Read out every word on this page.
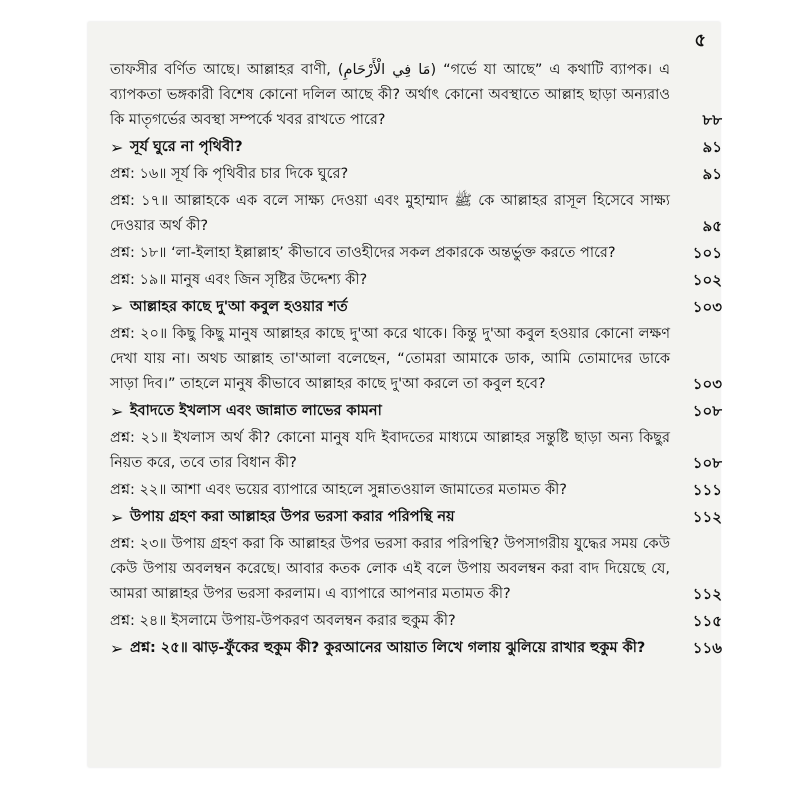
৫
তাফসীর বর্ণিত আছে। আল্লাহর বাণী, (مَا فِي الْأَرْحَامِ) “গর্ভে যা আছে” এ কথাটি ব্যাপক। এ ব্যাপকতা ভঙ্গকারী বিশেষ কোনো দলিল আছে কী? অর্থাৎ কোনো অবস্থাতে আল্লাহ ছাড়া অন্যরাও কি মাতৃগর্ভের অবস্থা সম্পর্কে খবর রাখতে পারে?	৮৮
➢ সূর্য ঘুরে না পৃথিবী?	৯১
প্রশ্ন: ১৬॥ সূর্য কি পৃথিবীর চার দিকে ঘুরে?	৯১
প্রশ্ন: ১৭॥ আল্লাহকে এক বলে সাক্ষ্য দেওয়া এবং মুহাম্মাদ ﷺ কে আল্লাহর রাসূল হিসেবে সাক্ষ্য দেওয়ার অর্থ কী?	৯৫
প্রশ্ন: ১৮॥ ‘লা-ইলাহা ইল্লাল্লাহ’ কীভাবে তাওহীদের সকল প্রকারকে অন্তর্ভুক্ত করতে পারে?	১০১
প্রশ্ন: ১৯॥ মানুষ এবং জিন সৃষ্টির উদ্দেশ্য কী?	১০২
➢ আল্লাহর কাছে দু'আ কবুল হওয়ার শর্ত	১০৩
প্রশ্ন: ২০॥ কিছু কিছু মানুষ আল্লাহর কাছে দু'আ করে থাকে। কিন্তু দু'আ কবুল হওয়ার কোনো লক্ষণ দেখা যায় না। অথচ আল্লাহ তা'আলা বলেছেন, “তোমরা আমাকে ডাক, আমি তোমাদের ডাকে সাড়া দিব।” তাহলে মানুষ কীভাবে আল্লাহর কাছে দু'আ করলে তা কবুল হবে?	১০৩
➢ ইবাদতে ইখলাস এবং জান্নাত লাভের কামনা	১০৮
প্রশ্ন: ২১॥ ইখলাস অর্থ কী? কোনো মানুষ যদি ইবাদতের মাধ্যমে আল্লাহর সন্তুষ্টি ছাড়া অন্য কিছুর নিয়ত করে, তবে তার বিধান কী?	১০৮
প্রশ্ন: ২২॥ আশা এবং ভয়ের ব্যাপারে আহলে সুন্নাতওয়াল জামাতের মতামত কী?	১১১
➢ উপায় গ্রহণ করা আল্লাহর উপর ভরসা করার পরিপন্থি নয়	১১২
প্রশ্ন: ২৩॥ উপায় গ্রহণ করা কি আল্লাহর উপর ভরসা করার পরিপন্থি? উপসাগরীয় যুদ্ধের সময় কেউ কেউ উপায় অবলম্বন করেছে। আবার কতক লোক এই বলে উপায় অবলম্বন করা বাদ দিয়েছে যে, আমরা আল্লাহর উপর ভরসা করলাম। এ ব্যাপারে আপনার মতামত কী?	১১২
প্রশ্ন: ২৪॥ ইসলামে উপায়-উপকরণ অবলম্বন করার হুকুম কী?	১১৫
➢ প্রশ্ন: ২৫॥ ঝাড়-ফুঁকের হুকুম কী? কুরআনের আয়াত লিখে গলায় ঝুলিয়ে রাখার হুকুম কী?	১১৬
